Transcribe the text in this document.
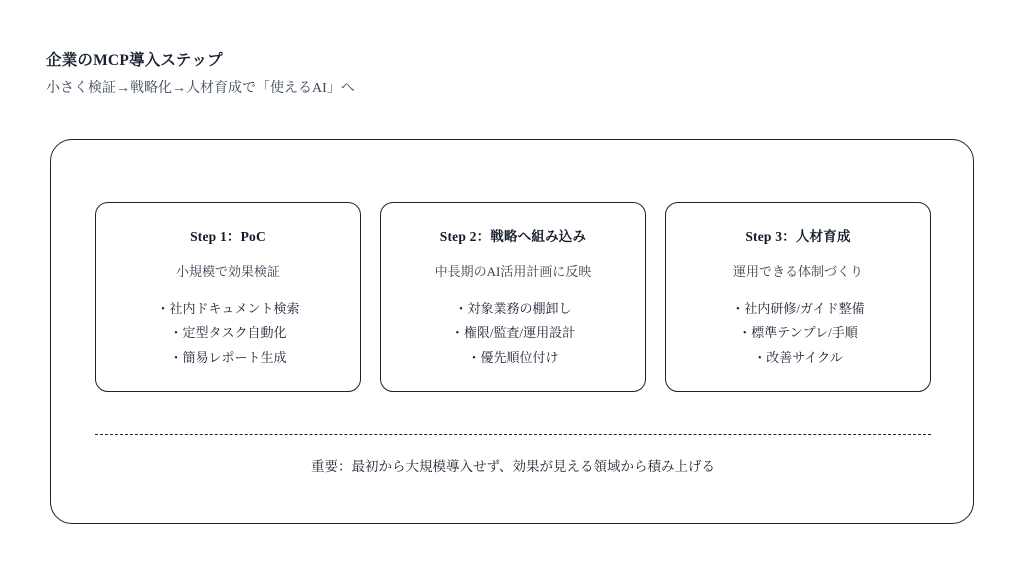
企業のMCP導入ステップ

小さく検証→戦略化→人材育成で「使えるAI」へ

Step 1：PoC
小規模で効果検証
・社内ドキュメント検索
・定型タスク自動化
・簡易レポート生成
Step 2：戦略へ組み込み
中長期のAI活用計画に反映
・対象業務の棚卸し
・権限/監査/運用設計
・優先順位付け
Step 3：人材育成
運用できる体制づくり
・社内研修/ガイド整備
・標準テンプレ/手順
・改善サイクル
重要：最初から大規模導入せず、効果が見える領域から積み上げる
